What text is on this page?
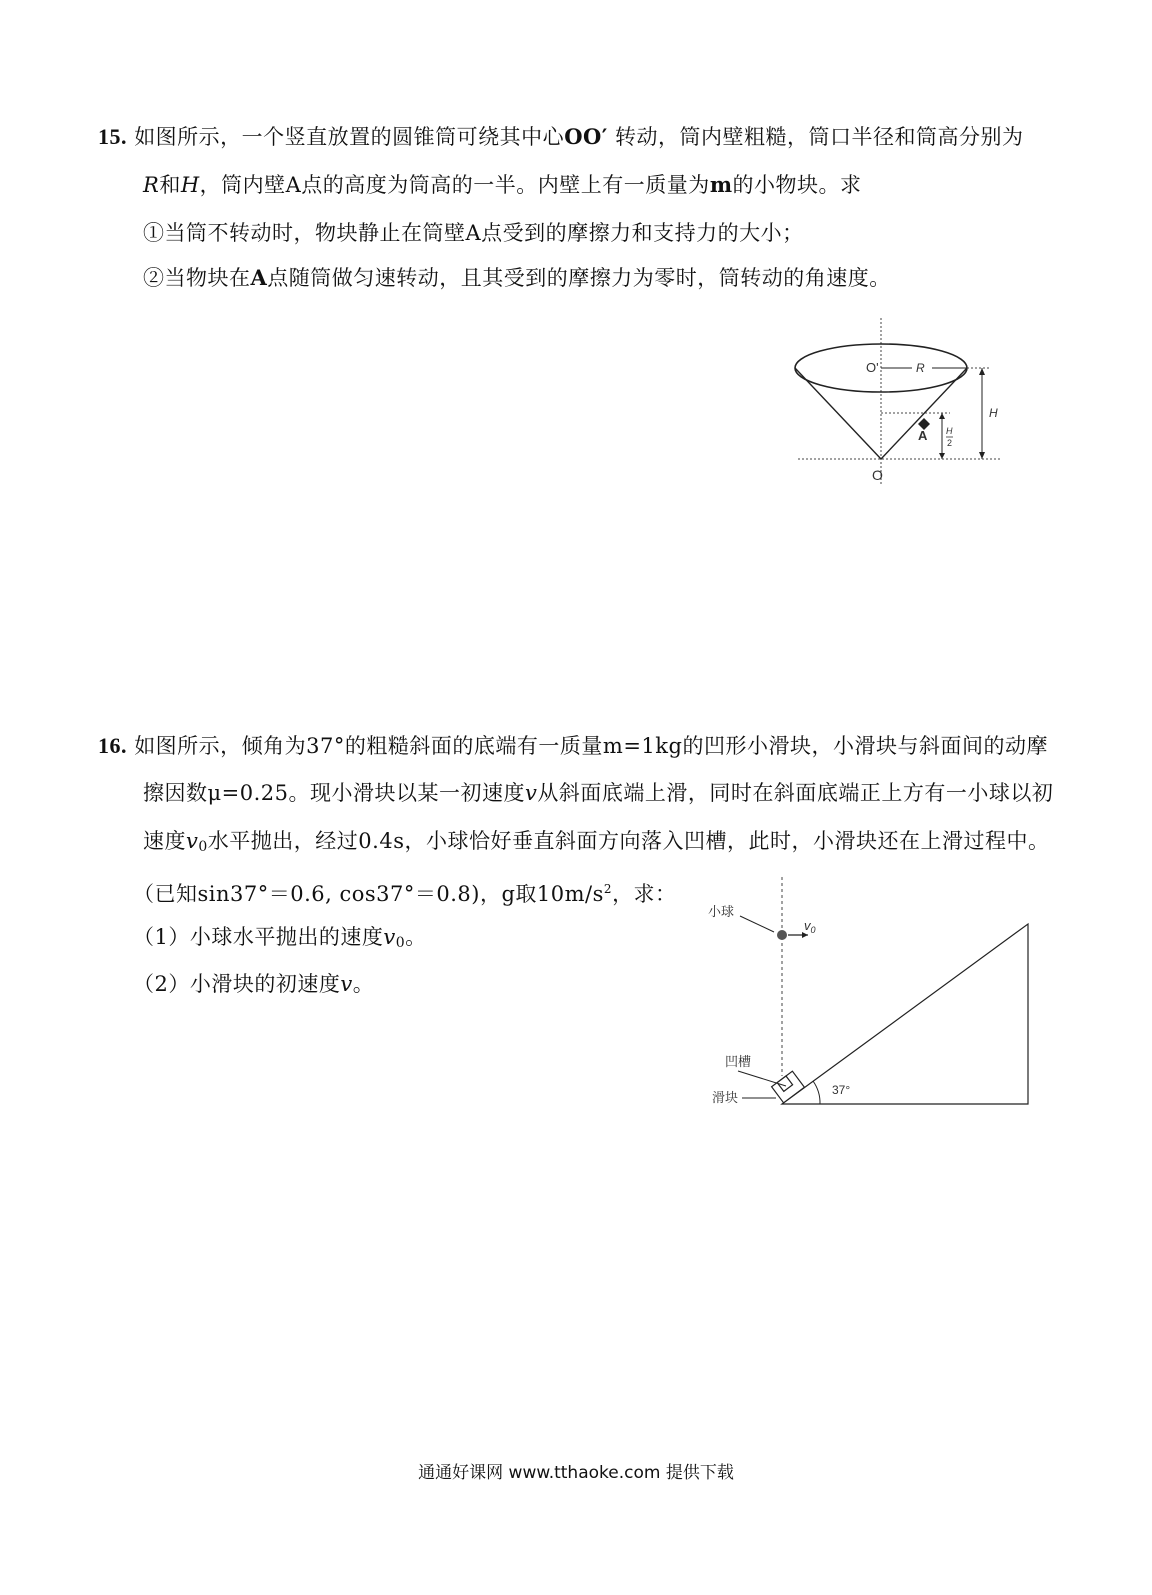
15. 如图所示，一个竖直放置的圆锥筒可绕其中心OO′ 转动，筒内壁粗糙，筒口半径和筒高分别为
R和H，筒内壁A点的高度为筒高的一半。内壁上有一质量为m的小物块。求
①当筒不转动时，物块静止在筒壁A点受到的摩擦力和支持力的大小；
②当物块在A点随筒做匀速转动，且其受到的摩擦力为零时，筒转动的角速度。
O'	R
A
H
H
2
O
16. 如图所示，倾角为37°的粗糙斜面的底端有一质量m=1kg的凹形小滑块，小滑块与斜面间的动摩
擦因数μ=0.25。现小滑块以某一初速度v从斜面底端上滑，同时在斜面底端正上方有一小球以初
速度$v_0$水平抛出，经过0.4s，小球恰好垂直斜面方向落入凹槽，此时，小滑块还在上滑过程中。
（已知sin37°＝0.6, cos37°＝0.8)，g取$10m/s^2$，求：
（1）小球水平抛出的速度$v_0$。
（2）小滑块的初速度v。
$v_0$
小球
37°
凹槽
滑块
通通好课网 www.tthaoke.com 提供下载
